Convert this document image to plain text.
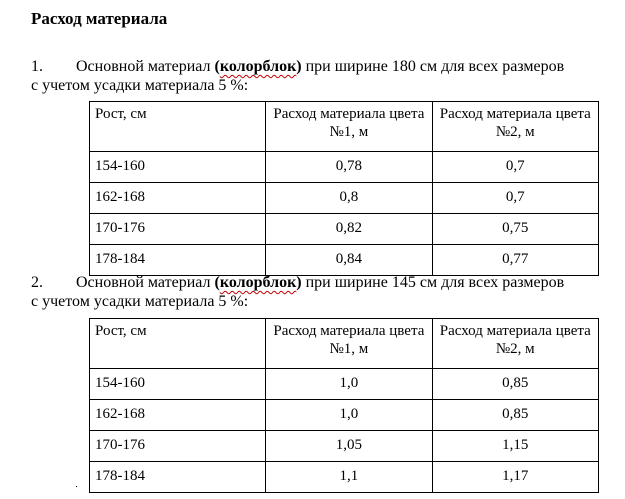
Расход материала
1. Основной материал (колорблок) при ширине 180 см для всех размеров
с учетом усадки материала 5 %:
Рост, см	Расход материала цвета №1, м	Расход материала цвета №2, м
154-160	0,78	0,7
162-168	0,8	0,7
170-176	0,82	0,75
178-184	0,84	0,77
2. Основной материал (колорблок) при ширине 145 см для всех размеров
с учетом усадки материала 5 %:
Рост, см	Расход материала цвета №1, м	Расход материала цвета №2, м
154-160	1,0	0,85
162-168	1,0	0,85
170-176	1,05	1,15
178-184	1,1	1,17
